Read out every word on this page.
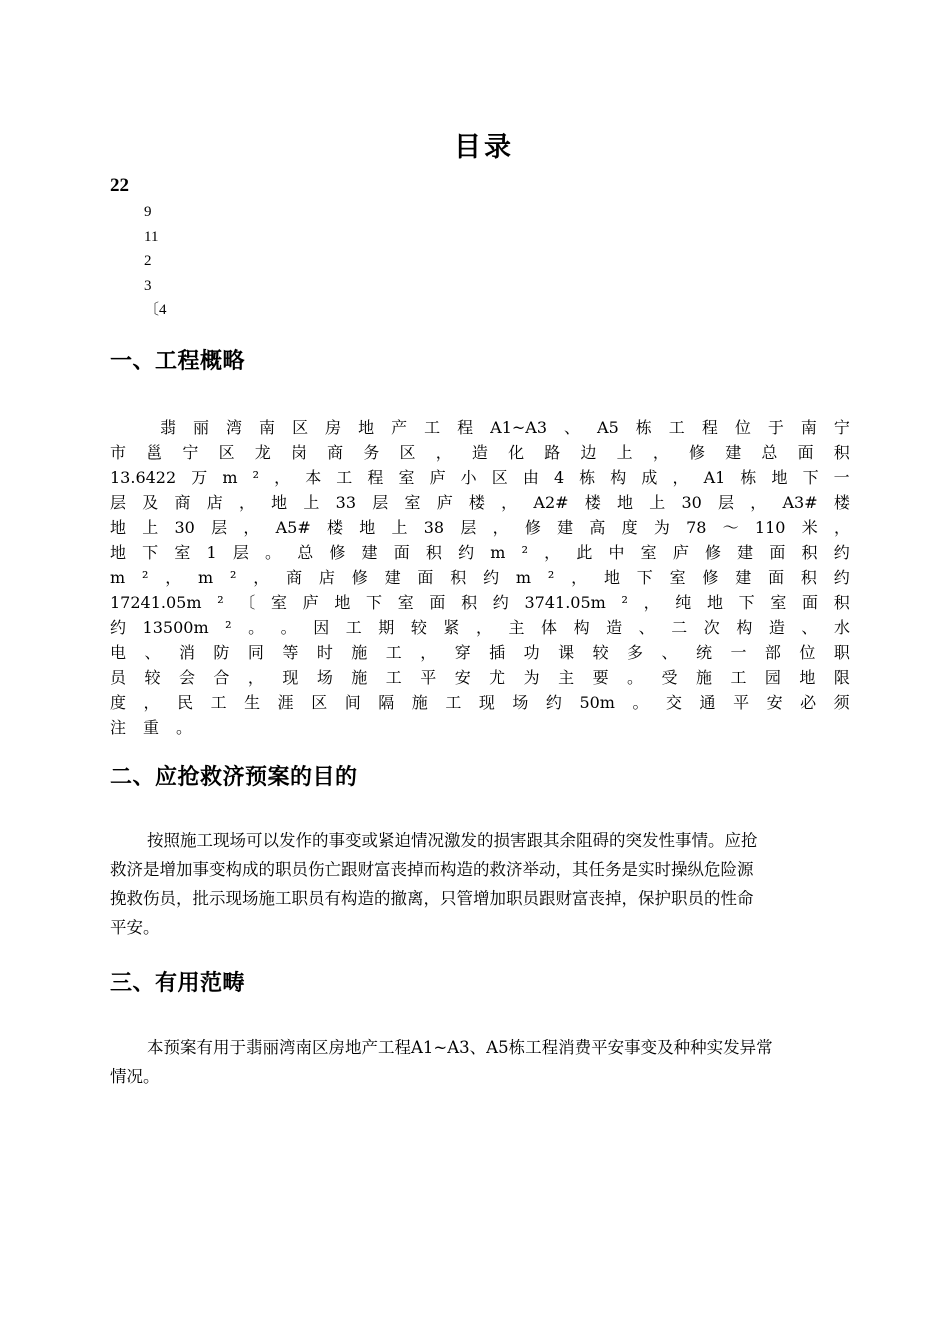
目录
22
9
11
2
3
〔4
一、工程概略
翡 丽 湾 南 区 房 地 产 工 程 A1~A3 、 A5 栋 工 程 位 于 南 宁
市 邕 宁 区 龙 岗 商 务 区 ， 造 化 路 边 上 ， 修 建 总 面 积
13.6422 万 m ² ， 本 工 程 室 庐 小 区 由 4 栋 构 成 ， A1 栋 地 下 一
层 及 商 店 ， 地 上 33 层 室 庐 楼 ， A2# 楼 地 上 30 层 ， A3# 楼
地 上 30 层 ， A5# 楼 地 上 38 层 ， 修 建 高 度 为 78 ～ 110 米 ，
地 下 室 1 层 。 总 修 建 面 积 约 m ² ， 此 中 室 庐 修 建 面 积 约
m ² ， m ² ， 商 店 修 建 面 积 约 m ² ， 地 下 室 修 建 面 积 约
17241.05m ² 〔 室 庐 地 下 室 面 积 约 3741.05m ² ， 纯 地 下 室 面 积
约 13500m ² 。 。 因 工 期 较 紧 ， 主 体 构 造 、 二 次 构 造 、 水
电 、 消 防 同 等 时 施 工 ， 穿 插 功 课 较 多 、 统 一 部 位 职
员 较 会 合 ， 现 场 施 工 平 安 尤 为 主 要 。 受 施 工 园 地 限
度 ， 民 工 生 涯 区 间 隔 施 工 现 场 约 50m 。 交 通 平 安 必 须
注 重 。
二、应抢救济预案的目的
按照施工现场可以发作的事变或紧迫情况激发的损害跟其余阻碍的突发性事情。应抢
救济是增加事变构成的职员伤亡跟财富丧掉而构造的救济举动，其任务是实时操纵危险源
挽救伤员，批示现场施工职员有构造的撤离，只管增加职员跟财富丧掉，保护职员的性命
平安。
三、有用范畴
本预案有用于翡丽湾南区房地产工程A1~A3、A5栋工程消费平安事变及种种实发异常
情况。
